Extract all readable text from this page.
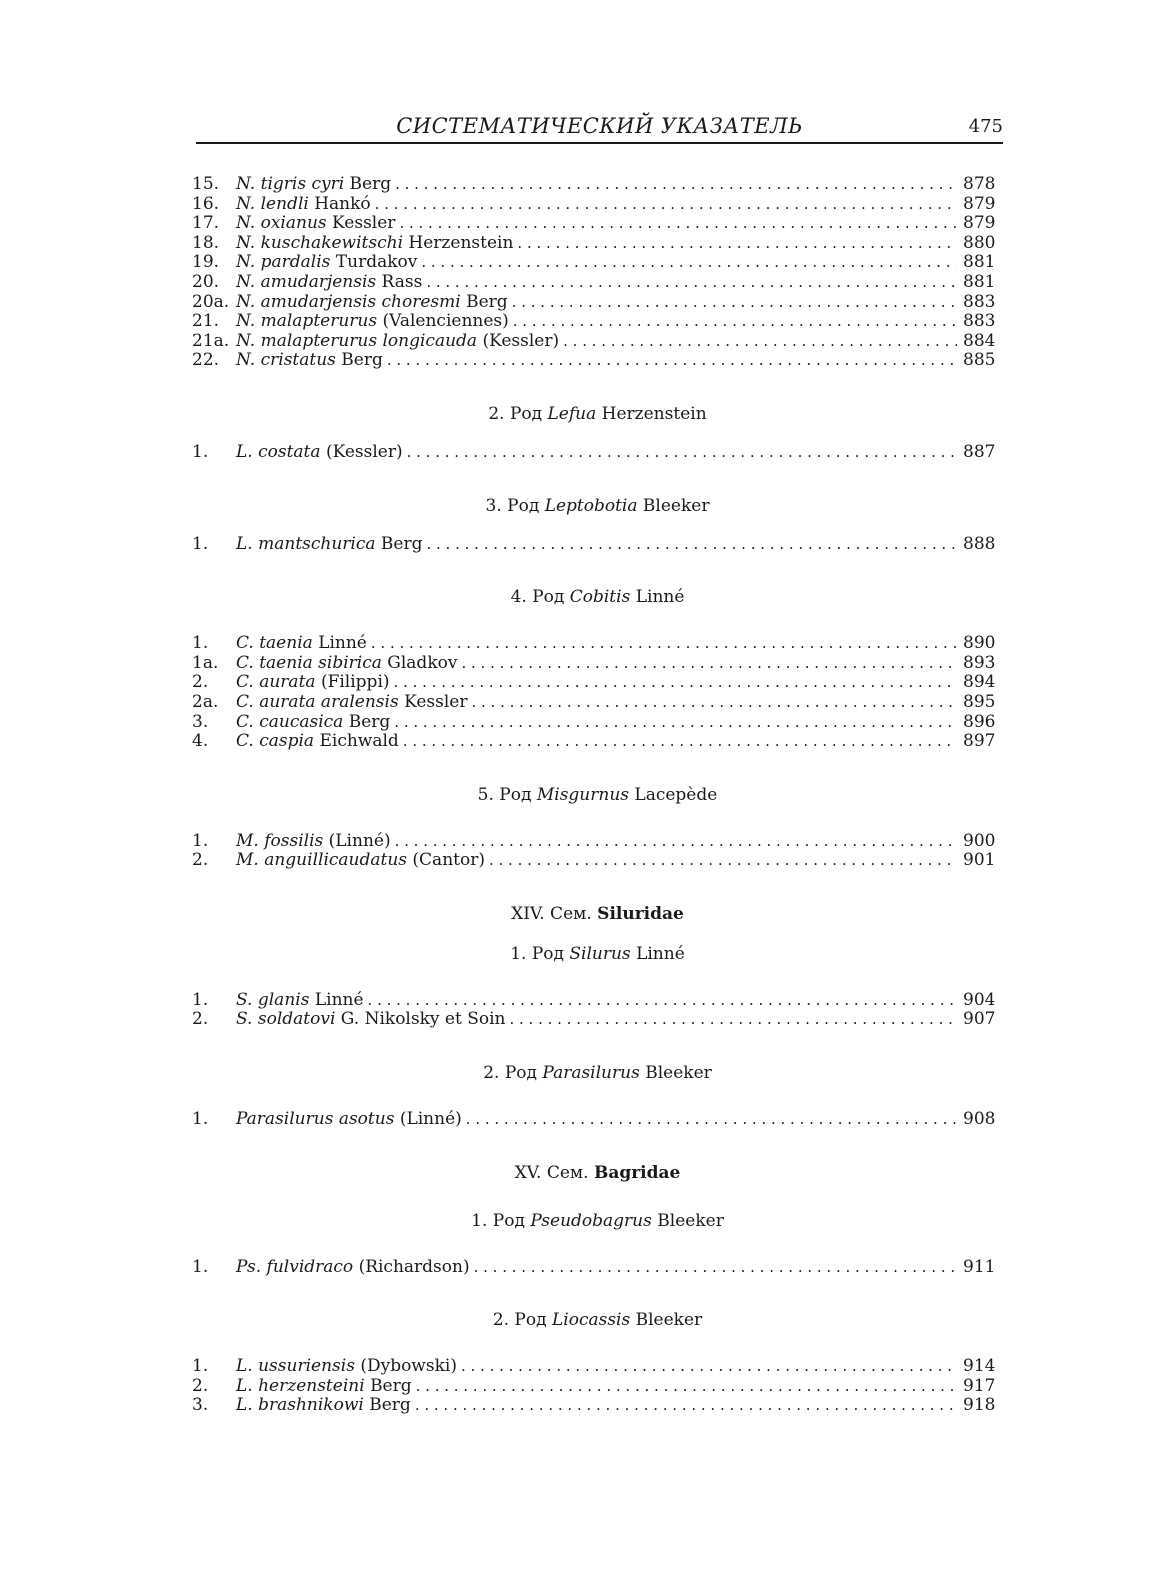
СИСТЕМАТИЧЕСКИЙ УКАЗАТЕЛЬ	475
15. N. tigris cyri Berg . . .	878
16. N. lendli Hankó . . .	879
17. N. oxianus Kessler . . .	879
18. N. kuschakewitschi Herzenstein . . .	880
19. N. pardalis Turdakov . . .	881
20. N. amudarjensis Rass . . .	881
20a. N. amudarjensis choresmi Berg . . .	883
21. N. malapterurus (Valenciennes) . . .	883
21a. N. malapterurus longicauda (Kessler) . . .	884
22. N. cristatus Berg . . .	885
2. Род Lefua Herzenstein
1.	L. costata (Kessler) . . .	887
3. Род Leptobotia Bleeker
1.	L. mantschurica Berg . . .	888
4. Род Cobitis Linné
1.	C. taenia Linné . . .	890
1a.	C. taenia sibirica Gladkov . . .	893
2.	C. aurata (Filippi) . . .	894
2a.	C. aurata aralensis Kessler . . .	895
3.	C. caucasica Berg . . .	896
4.	C. caspia Eichwald . . .	897
5. Род Misgurnus Lacepède
1.	M. fossilis (Linné) . . .	900
2.	M. anguillicaudatus (Cantor) . . .	901
XIV. Сем. Siluridae
1. Род Silurus Linné
1.	S. glanis Linné . . .	904
2.	S. soldatovi G. Nikolsky et Soin . . .	907
2. Род Parasilurus Bleeker
1.	Parasilurus asotus (Linné) . . .	908
XV. Сем. Bagridae
1. Род Pseudobagrus Bleeker
1.	Ps. fulvidraco (Richardson) . . .	911
2. Род Liocassis Bleeker
1.	L. ussuriensis (Dybowski) . . .	914
2.	L. herzensteini Berg . . .	917
3.	L. brashnikowi Berg . . .	918
